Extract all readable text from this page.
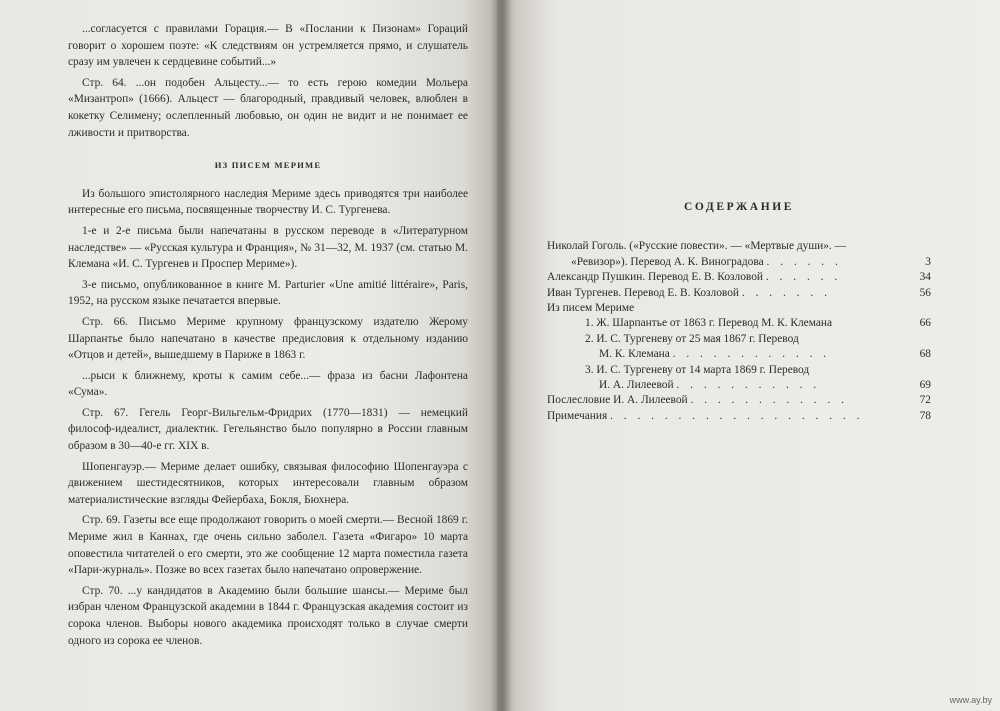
...согласуется с правилами Горация.— В «Послании к Пизонам» Гораций говорит о хорошем поэте: «К следствиям он устремляется прямо, и слушатель сразу им увлечен к сердцевине событий...»

Стр. 64. ...он подобен Альцесту...— то есть герою комедии Мольера «Мизантроп» (1666). Альцест — благородный, правдивый человек, влюблен в кокетку Селимену; ослепленный любовью, он один не видит и не понимает ее лживости и притворства.

ИЗ ПИСЕМ МЕРИМЕ

Из большого эпистолярного наследия Мериме здесь приводятся три наиболее интересные его письма, посвященные творчеству И. С. Тургенева.

1-е и 2-е письма были напечатаны в русском переводе в «Литературном наследстве» — «Русская культура и Франция», № 31—32, М. 1937 (см. статью М. Клемана «И. С. Тургенев и Проспер Мериме»).

3-е письмо, опубликованное в книге M. Parturier «Une amitié littéraire», Paris, 1952, на русском языке печатается впервые.

Стр. 66. Письмо Мериме крупному французскому издателю Жерому Шарпантье было напечатано в качестве предисловия к отдельному изданию «Отцов и детей», вышедшему в Париже в 1863 г.

...рыси к ближнему, кроты к самим себе...— фраза из басни Лафонтена «Сума».

Стр. 67. Гегель Георг-Вильгельм-Фридрих (1770—1831) — немецкий философ-идеалист, диалектик. Гегельянство было популярно в России главным образом в 30—40-е гг. XIX в.

Шопенгауэр.— Мериме делает ошибку, связывая философию Шопенгауэра с движением шестидесятников, которых интересовали главным образом материалистические взгляды Фейербаха, Бокля, Бюхнера.

Стр. 69. Газеты все еще продолжают говорить о моей смерти.— Весной 1869 г. Мериме жил в Каннах, где очень сильно заболел. Газета «Фигаро» 10 марта оповестила читателей о его смерти, это же сообщение 12 марта поместила газета «Пари-журналь». Позже во всех газетах было напечатано опровержение.

Стр. 70. ...у кандидатов в Академию были большие шансы.— Мериме был избран членом Французской академии в 1844 г. Французская академия состоит из сорока членов. Выборы нового академика происходят только в случае смерти одного из сорока ее членов.

СОДЕРЖАНИЕ
Николай Гоголь. («Русские повести». — «Мертвые души». —
«Ревизор»). Перевод А. К. Виноградова . . . . . .	3
Александр Пушкин. Перевод Е. В. Козловой . . . . . .	34
Иван Тургенев. Перевод Е. В. Козловой . . . . . . .	56
Из писем Мериме
1. Ж. Шарпантье от 1863 г. Перевод М. К. Клемана	66
2. И. С. Тургеневу от 25 мая 1867 г. Перевод
М. К. Клемана . . . . . . . . . . . .	68
3. И. С. Тургеневу от 14 марта 1869 г. Перевод
И. А. Лилеевой . . . . . . . . . . .	69
Послесловие И. А. Лилеевой . . . . . . . . . . . .	72
Примечания . . . . . . . . . . . . . . . . . . .	78
www.ay.by
